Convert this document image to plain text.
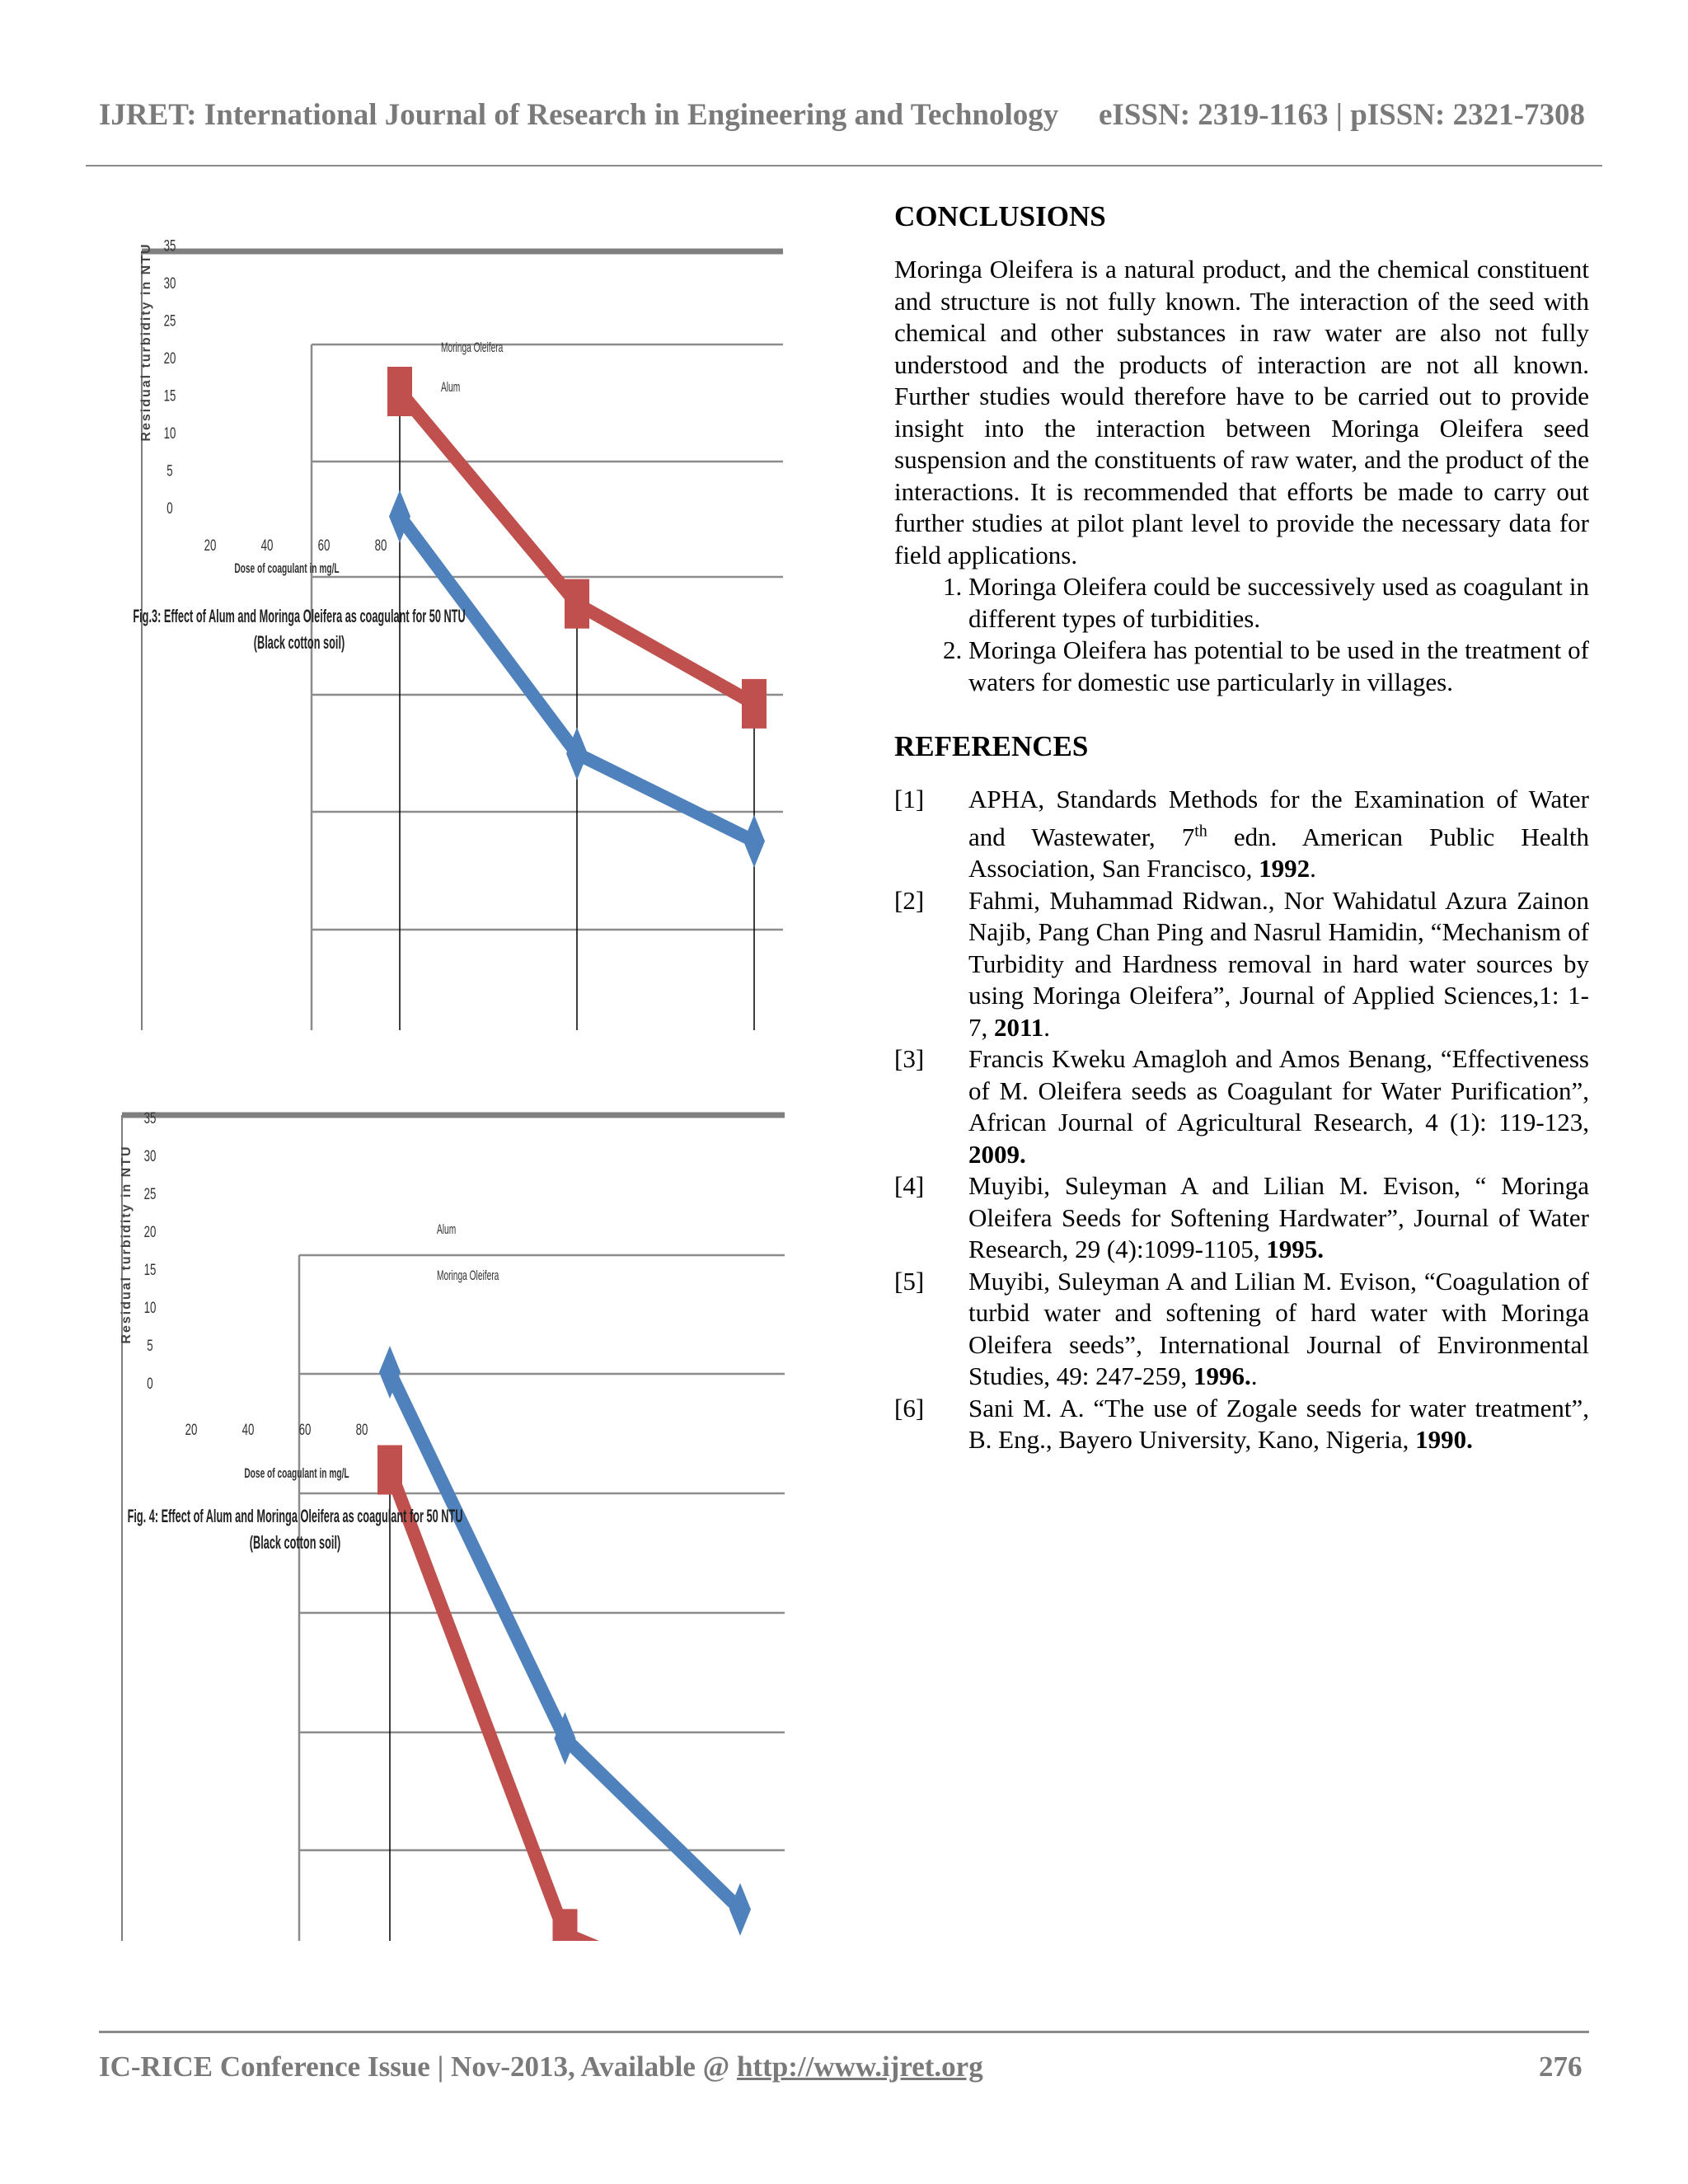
IJRET: International Journal of Research in Engineering and Technology eISSN: 2319-1163 | pISSN: 2321-7308
0
5
10
15
20
25
30
35
Residual turbidity in NTU
20	40	60	80
Dose of coagulant in mg/L
Moringa Oleifera
Alum
Fig.3: Effect of Alum and Moringa Oleifera as coagulant for 50 NTU
(Black cotton soil)
0
5
10
15
20
25
30
35
Residual turbidity in NTU
20	40	60	80
Dose of coagulant in mg/L
Alum
Moringa Oleifera
Fig. 4: Effect of Alum and Moringa Oleifera as coagulant for 50 NTU
(Black cotton soil)
CONCLUSIONS

Moringa Oleifera is a natural product, and the chemical constituent and structure is not fully known. The interaction of the seed with chemical and other substances in raw water are also not fully understood and the products of interaction are not all known. Further studies would therefore have to be carried out to provide insight into the interaction between Moringa Oleifera seed suspension and the constituents of raw water, and the product of the interactions. It is recommended that efforts be made to carry out further studies at pilot plant level to provide the necessary data for field applications.

1. Moringa Oleifera could be successively used as coagulant in different types of turbidities.
2. Moringa Oleifera has potential to be used in the treatment of waters for domestic use particularly in villages.
REFERENCES
[1] APHA, Standards Methods for the Examination of Water and Wastewater, 7th edn. American Public Health Association, San Francisco, 1992.
[2] Fahmi, Muhammad Ridwan., Nor Wahidatul Azura Zainon Najib, Pang Chan Ping and Nasrul Hamidin, “Mechanism of Turbidity and Hardness removal in hard water sources by using Moringa Oleifera”, Journal of Applied Sciences,1: 1-7, 2011.
[3] Francis Kweku Amagloh and Amos Benang, “Effectiveness of M. Oleifera seeds as Coagulant for Water Purification”, African Journal of Agricultural Research, 4 (1): 119-123, 2009.
[4] Muyibi, Suleyman A and Lilian M. Evison, “ Moringa Oleifera Seeds for Softening Hardwater”, Journal of Water Research, 29 (4):1099-1105, 1995.
[5] Muyibi, Suleyman A and Lilian M. Evison, “Coagulation of turbid water and softening of hard water with Moringa Oleifera seeds”, International Journal of Environmental Studies, 49: 247-259, 1996..
[6] Sani M. A. “The use of Zogale seeds for water treatment”, B. Eng., Bayero University, Kano, Nigeria, 1990.
IC-RICE Conference Issue | Nov-2013, Available @ http://www.ijret.org	276
